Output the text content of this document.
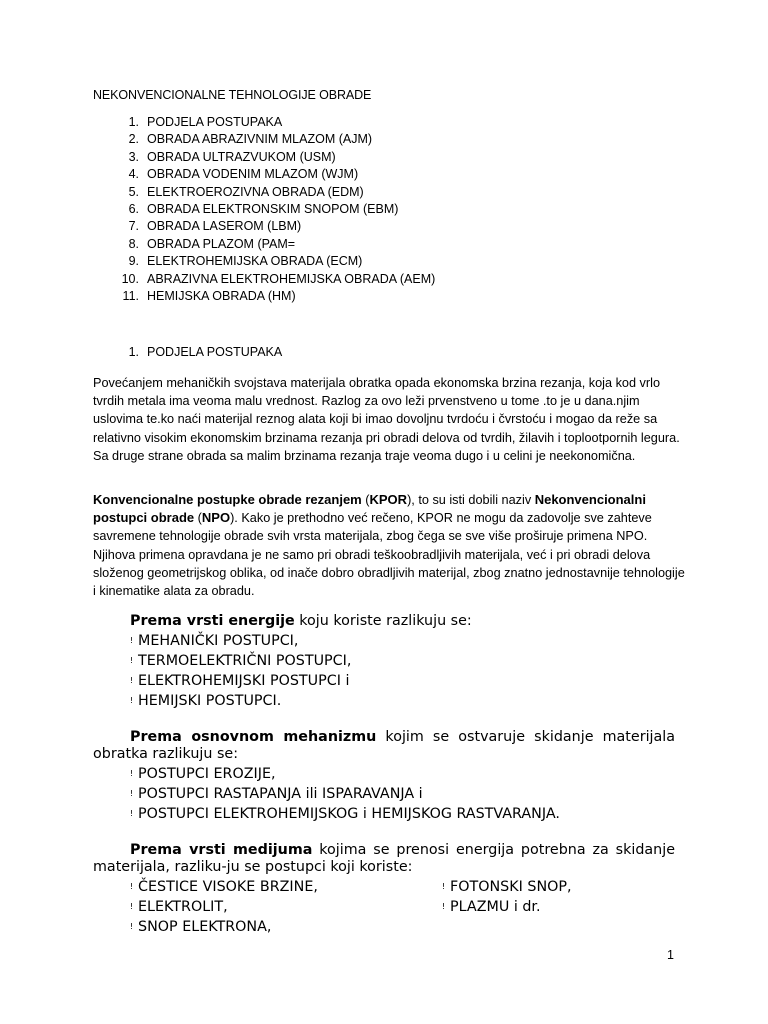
NEKONVENCIONALNE TEHNOLOGIJE OBRADE
1. PODJELA POSTUPAKA
2. OBRADA ABRAZIVNIM MLAZOM (AJM)
3. OBRADA ULTRAZVUKOM (USM)
4. OBRADA VODENIM MLAZOM (WJM)
5. ELEKTROEROZIVNA OBRADA (EDM)
6. OBRADA ELEKTRONSKIM SNOPOM (EBM)
7. OBRADA LASEROM (LBM)
8. OBRADA PLAZOM (PAM=
9. ELEKTROHEMIJSKA OBRADA (ECM)
10. ABRAZIVNA ELEKTROHEMIJSKA OBRADA (AEM)
11. HEMIJSKA OBRADA (HM)
1. PODJELA POSTUPAKA
Povećanjem mehaničkih svojstava materijala obratka opada ekonomska brzina rezanja, koja kod vrlo tvrdih metala ima veoma malu vrednost. Razlog za ovo leži prvenstveno u tome .to je u dana.njim uslovima te.ko naći materijal reznog alata koji bi imao dovoljnu tvrdoću i čvrstoću i mogao da reže sa relativno visokim ekonomskim brzinama rezanja pri obradi delova od tvrdih, žilavih i toplootpornih legura. Sa druge strane obrada sa malim brzinama rezanja traje veoma dugo i u celini je neekonomična.
Konvencionalne postupke obrade rezanjem (KPOR), to su isti dobili naziv Nekonvencionalni postupci obrade (NPO). Kako je prethodno već rečeno, KPOR ne mogu da zadovolje sve zahteve savremene tehnologije obrade svih vrsta materijala, zbog čega se sve više proširuje primena NPO. Njihova primena opravdana je ne samo pri obradi teškoobradljivih materijala, već i pri obradi delova složenog geometrijskog oblika, od inače dobro obradljivih materijal, zbog znatno jednostavnije tehnologije i kinematike alata za obradu.
Prema vrsti energije koju koriste razlikuju se:
! MEHANIČKI POSTUPCI,
! TERMOELEKTRIČNI POSTUPCI,
! ELEKTROHEMIJSKI POSTUPCI i
! HEMIJSKI POSTUPCI.
Prema osnovnom mehanizmu kojim se ostvaruje skidanje materijala obratka razlikuju se:
! POSTUPCI EROZIJE,
! POSTUPCI RASTAPANJA ili ISPARAVANJA i
! POSTUPCI ELEKTROHEMIJSKOG i HEMIJSKOG RASTVARANJA.
Prema vrsti medijuma kojima se prenosi energija potrebna za skidanje materijala, razliku-ju se postupci koji koriste:
! ČESTICE VISOKE BRZINE,
! ELEKTROLIT,
! SNOP ELEKTRONA,
! FOTONSKI SNOP,
! PLAZMU i dr.
1
